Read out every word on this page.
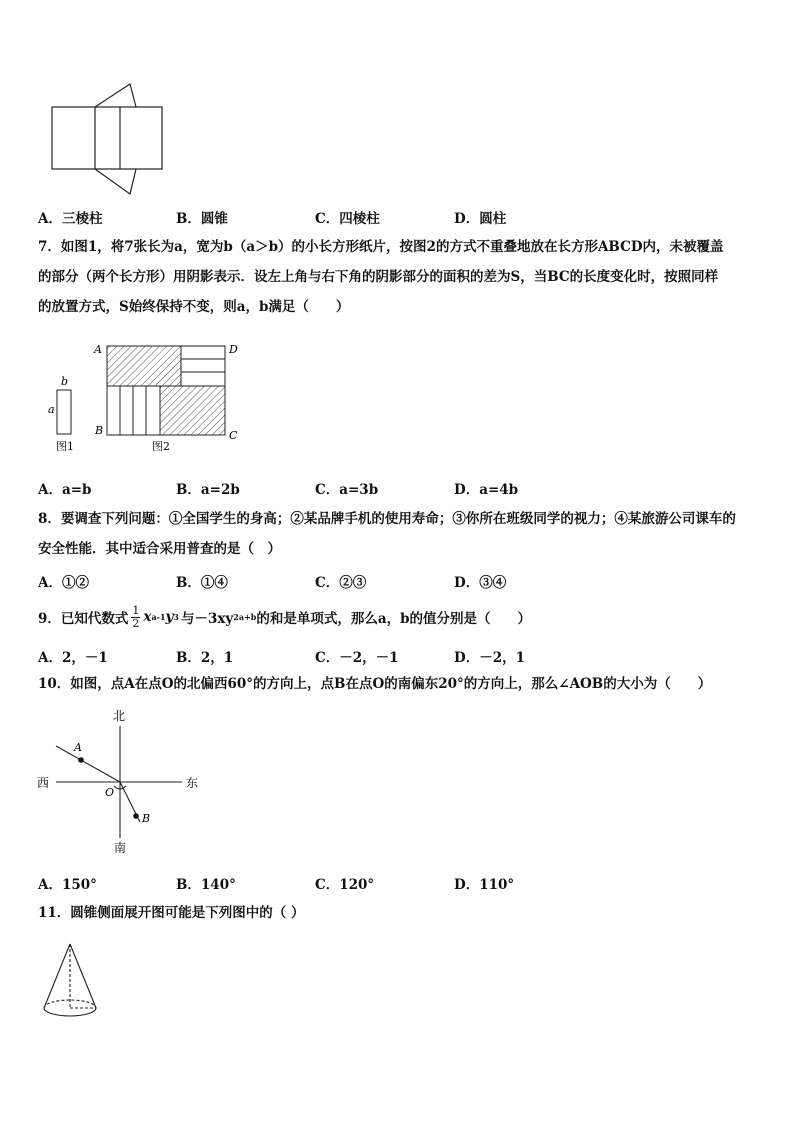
A．三棱柱	B．圆锥	C．四棱柱	D．圆柱
7．如图1，将7张长为a，宽为b（a＞b）的小长方形纸片，按图2的方式不重叠地放在长方形ABCD内，未被覆盖
的部分（两个长方形）用阴影表示．设左上角与右下角的阴影部分的面积的差为S，当BC的长度变化时，按照同样
的放置方式，S始终保持不变，则a，b满足（　　）
b
a
图1
A	D
B	C
图2
A．a=b	B．a=2b	C．a=3b	D．a=4b
8．要调查下列问题：①全国学生的身高；②某品牌手机的使用寿命；③你所在班级同学的视力；④某旅游公司课车的
安全性能．其中适合采用普查的是（　）
A．①②	B．①④	C．②③	D．③④
9．已知代数式 $\frac{1}{2}$ x a-1 y 3 与－3xy 2a+b 的和是单项式，那么a，b的值分别是（　　）
A．2，－1	B．2，1	C．－2，－1	D．－2，1
10．如图，点A在点O的北偏西60°的方向上，点B在点O的南偏东20°的方向上，那么∠AOB的大小为（　　）
北
南
西	东
A
O
B
A．150°	B．140°	C．120°	D．110°
11．圆锥侧面展开图可能是下列图中的（ ）
